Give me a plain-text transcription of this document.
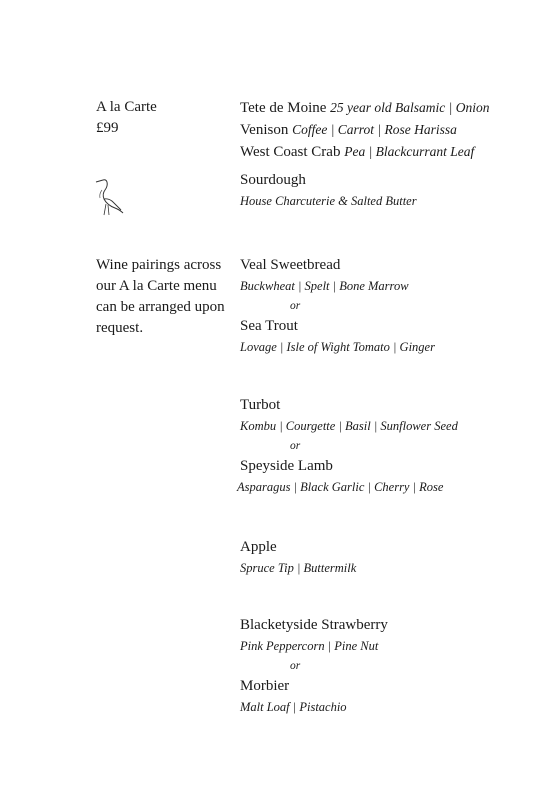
A la Carte
£99
Wine pairings across
our A la Carte menu
can be arranged upon
request.
Tete de Moine 25 year old Balsamic | Onion
Venison Coffee | Carrot | Rose Harissa
West Coast Crab Pea | Blackcurrant Leaf
Sourdough
House Charcuterie & Salted Butter
Veal Sweetbread
Buckwheat | Spelt | Bone Marrow
or
Sea Trout
Lovage | Isle of Wight Tomato | Ginger
Turbot
Kombu | Courgette | Basil | Sunflower Seed
or
Speyside Lamb
Asparagus | Black Garlic | Cherry | Rose
Apple
Spruce Tip | Buttermilk
Blacketyside Strawberry
Pink Peppercorn | Pine Nut
or
Morbier
Malt Loaf | Pistachio
